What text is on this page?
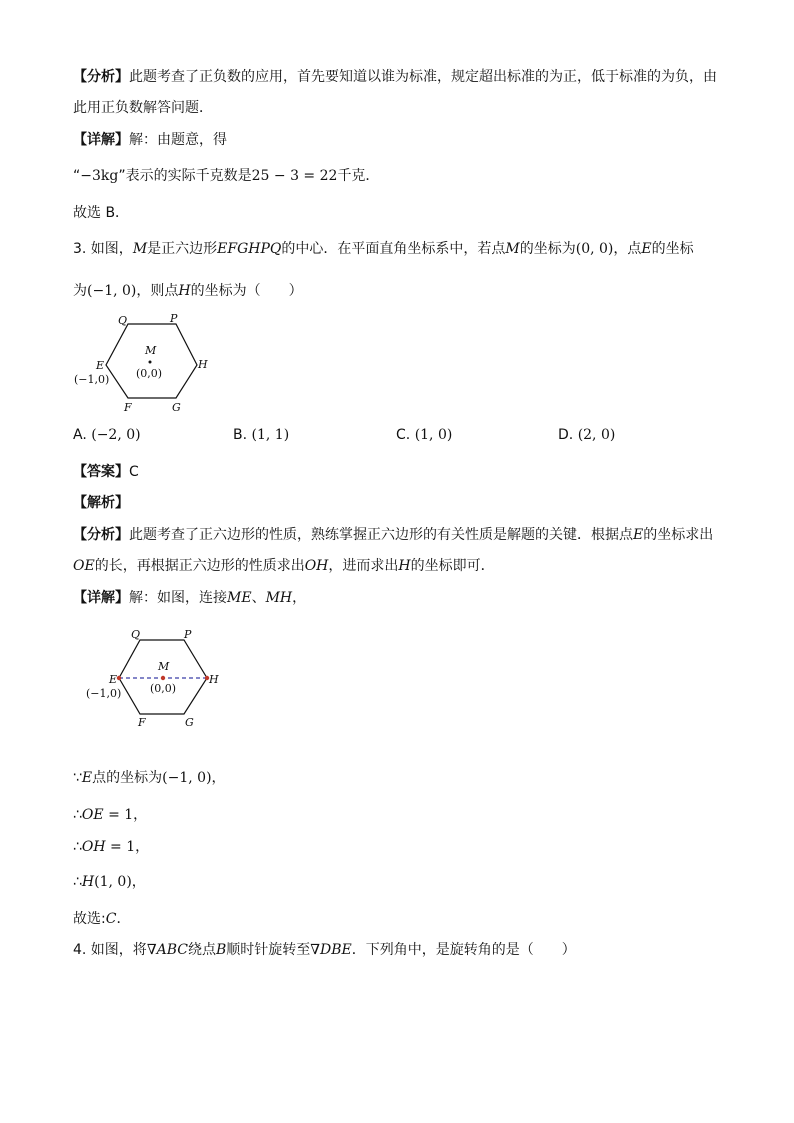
【分析】此题考查了正负数的应用，首先要知道以谁为标准，规定超出标准的为正，低于标准的为负，由
此用正负数解答问题．
【详解】解：由题意，得
“−3kg”表示的实际千克数是25 − 3 = 22千克．
故选 B．
3. 如图，M是正六边形EFGHPQ的中心．在平面直角坐标系中，若点M的坐标为(0, 0)，点E的坐标
为(−1, 0)，则点H的坐标为（　　）
Q	P
E	H
F	G
M
(0,0)
(−1,0)
A. (−2, 0)	B. (1, 1)	C. (1, 0)	D. (2, 0)
【答案】C
【解析】
【分析】此题考查了正六边形的性质，熟练掌握正六边形的有关性质是解题的关键．根据点E的坐标求出
OE的长，再根据正六边形的性质求出OH，进而求出H的坐标即可．
【详解】解：如图，连接ME、MH，
Q	P
E	H
F	G
M
(0,0)
(−1,0)
∵E点的坐标为(−1, 0)，
∴OE = 1，
∴OH = 1，
∴H(1, 0)，
故选:C．
4. 如图，将∇ABC绕点B顺时针旋转至∇DBE．下列角中，是旋转角的是（　　）
